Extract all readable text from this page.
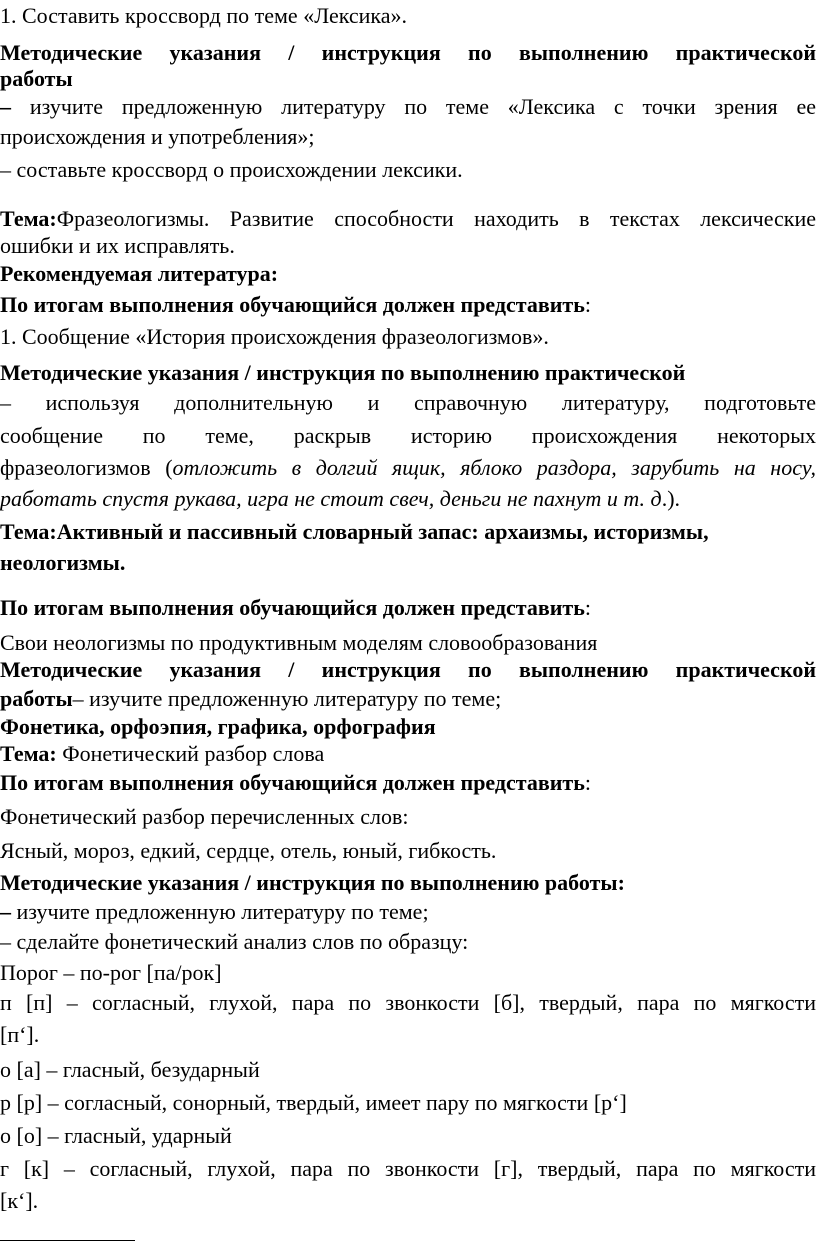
1. Составить кроссворд по теме «Лексика».

Методические указания / инструкция по выполнению практической

работы

– изучите предложенную литературу по теме «Лексика с точки зрения ее

происхождения и употребления»;

– составьте кроссворд о происхождении лексики.

Тема:Фразеологизмы. Развитие способности находить в текстах лексические

ошибки и их исправлять.

Рекомендуемая литература:

По итогам выполнения обучающийся должен представить:

1. Сообщение «История происхождения фразеологизмов».

Методические указания / инструкция по выполнению практической

– используя дополнительную и справочную литературу, подготовьте

сообщение по теме, раскрыв историю происхождения некоторых

фразеологизмов (отложить в долгий ящик, яблоко раздора, зарубить на носу,

работать спустя рукава, игра не стоит свеч, деньги не пахнут и т. д.).

Тема:Активный и пассивный словарный запас: архаизмы, историзмы,

неологизмы.

По итогам выполнения обучающийся должен представить:

Свои неологизмы по продуктивным моделям словообразования

Методические указания / инструкция по выполнению практической

работы– изучите предложенную литературу по теме;

Фонетика, орфоэпия, графика, орфография

Тема: Фонетический разбор слова

По итогам выполнения обучающийся должен представить:

Фонетический разбор перечисленных слов:

Ясный, мороз, едкий, сердце, отель, юный, гибкость.

Методические указания / инструкция по выполнению работы:

– изучите предложенную литературу по теме;

– сделайте фонетический анализ слов по образцу:

Порог – по-рог [па/рок]

п [п] – согласный, глухой, пара по звонкости [б], твердый, пара по мягкости

[п‘].

о [а] – гласный, безударный

р [р] – согласный, сонорный, твердый, имеет пару по мягкости [р‘]

о [о] – гласный, ударный

г [к] – согласный, глухой, пара по звонкости [г], твердый, пара по мягкости

[к‘].
